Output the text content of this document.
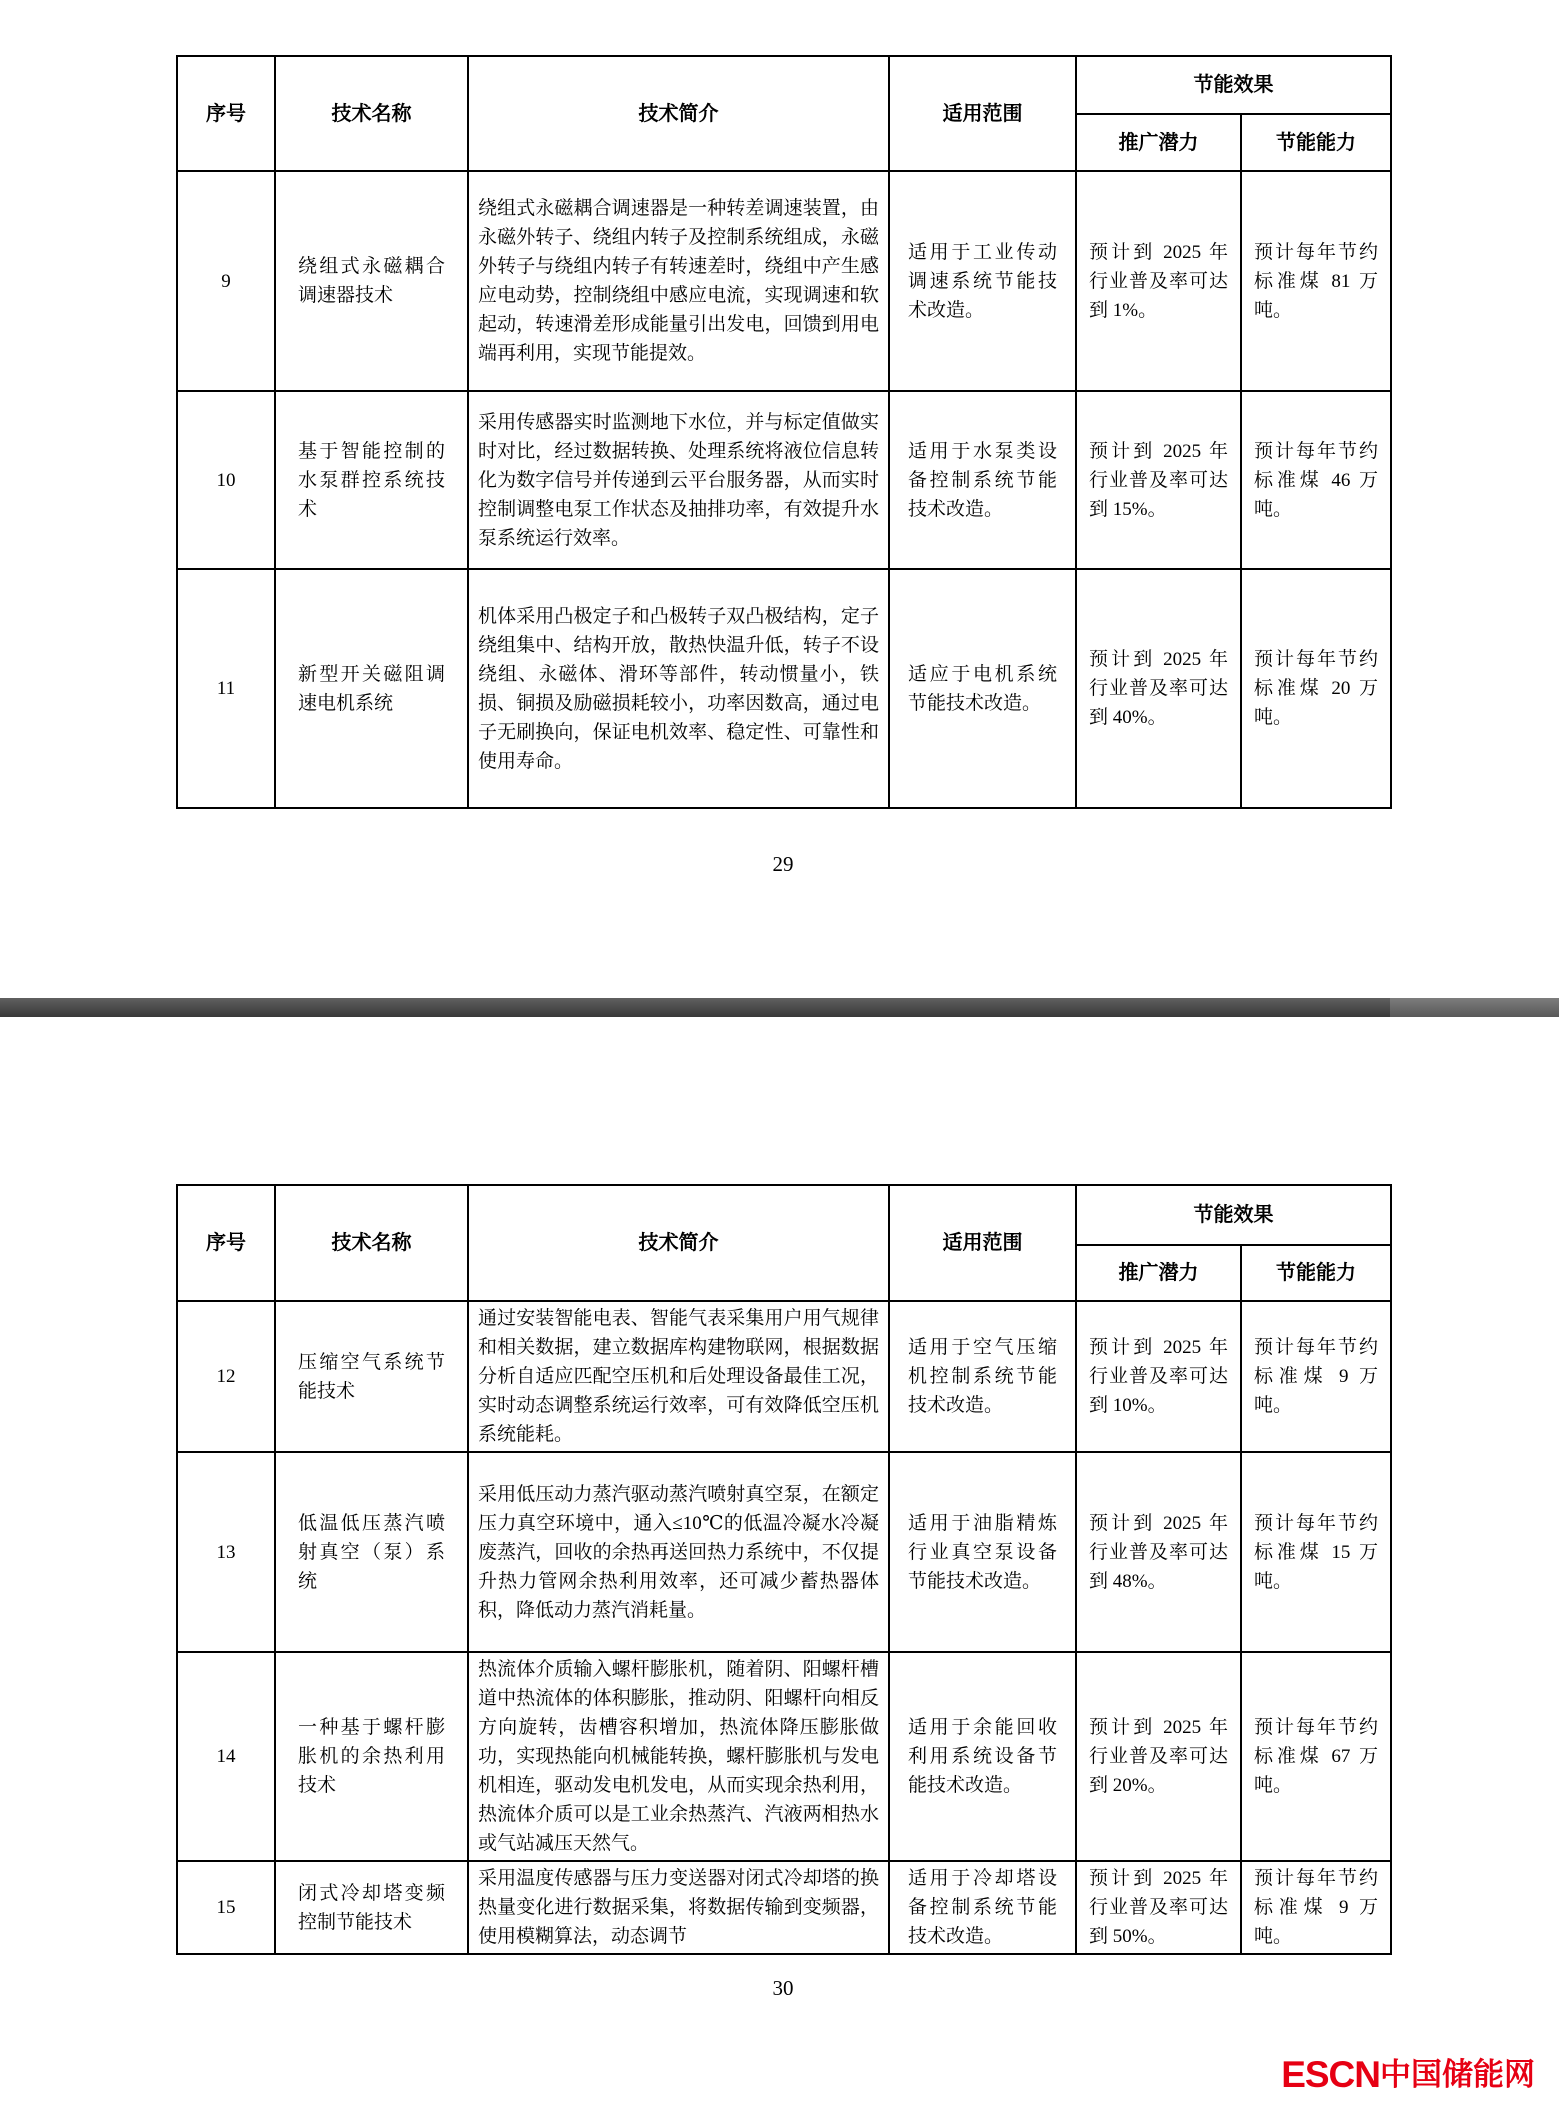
序号	技术名称	技术简介	适用范围	节能效果	
				推广潜力	节能能力
9	绕组式永磁耦合调速器技术	绕组式永磁耦合调速器是一种转差调速装置，由永磁外转子、绕组内转子及控制系统组成，永磁外转子与绕组内转子有转速差时，绕组中产生感应电动势，控制绕组中感应电流，实现调速和软起动，转速滑差形成能量引出发电，回馈到用电端再利用，实现节能提效。	适用于工业传动调速系统节能技术改造。	预计到 2025 年行业普及率可达到 1%。	预计每年节约标准煤 81 万吨。
10	基于智能控制的水泵群控系统技术	采用传感器实时监测地下水位，并与标定值做实时对比，经过数据转换、处理系统将液位信息转化为数字信号并传递到云平台服务器，从而实时控制调整电泵工作状态及抽排功率，有效提升水泵系统运行效率。	适用于水泵类设备控制系统节能技术改造。	预计到 2025 年行业普及率可达到 15%。	预计每年节约标准煤 46 万吨。
11	新型开关磁阻调速电机系统	机体采用凸极定子和凸极转子双凸极结构，定子绕组集中、结构开放，散热快温升低，转子不设绕组、永磁体、滑环等部件，转动惯量小，铁损、铜损及励磁损耗较小，功率因数高，通过电子无刷换向，保证电机效率、稳定性、可靠性和使用寿命。	适应于电机系统节能技术改造。	预计到 2025 年行业普及率可达到 40%。	预计每年节约标准煤 20 万吨。
29
序号	技术名称	技术简介	适用范围	节能效果	
				推广潜力	节能能力
12	压缩空气系统节能技术	通过安装智能电表、智能气表采集用户用气规律和相关数据，建立数据库构建物联网，根据数据分析自适应匹配空压机和后处理设备最佳工况，实时动态调整系统运行效率，可有效降低空压机系统能耗。	适用于空气压缩机控制系统节能技术改造。	预计到 2025 年行业普及率可达到 10%。	预计每年节约标准煤 9 万吨。
13	低温低压蒸汽喷射真空（泵）系统	采用低压动力蒸汽驱动蒸汽喷射真空泵，在额定压力真空环境中，通入≤10℃的低温冷凝水冷凝废蒸汽，回收的余热再送回热力系统中，不仅提升热力管网余热利用效率，还可减少蓄热器体积，降低动力蒸汽消耗量。	适用于油脂精炼行业真空泵设备节能技术改造。	预计到 2025 年行业普及率可达到 48%。	预计每年节约标准煤 15 万吨。
14	一种基于螺杆膨胀机的余热利用技术	热流体介质输入螺杆膨胀机，随着阴、阳螺杆槽道中热流体的体积膨胀，推动阴、阳螺杆向相反方向旋转，齿槽容积增加，热流体降压膨胀做功，实现热能向机械能转换，螺杆膨胀机与发电机相连，驱动发电机发电，从而实现余热利用，热流体介质可以是工业余热蒸汽、汽液两相热水或气站减压天然气。	适用于余能回收利用系统设备节能技术改造。	预计到 2025 年行业普及率可达到 20%。	预计每年节约标准煤 67 万吨。
15	闭式冷却塔变频控制节能技术	采用温度传感器与压力变送器对闭式冷却塔的换热量变化进行数据采集，将数据传输到变频器，使用模糊算法，动态调节	适用于冷却塔设备控制系统节能技术改造。	预计到 2025 年行业普及率可达到 50%。	预计每年节约标准煤 9 万吨。
30
ESCN中国储能网
